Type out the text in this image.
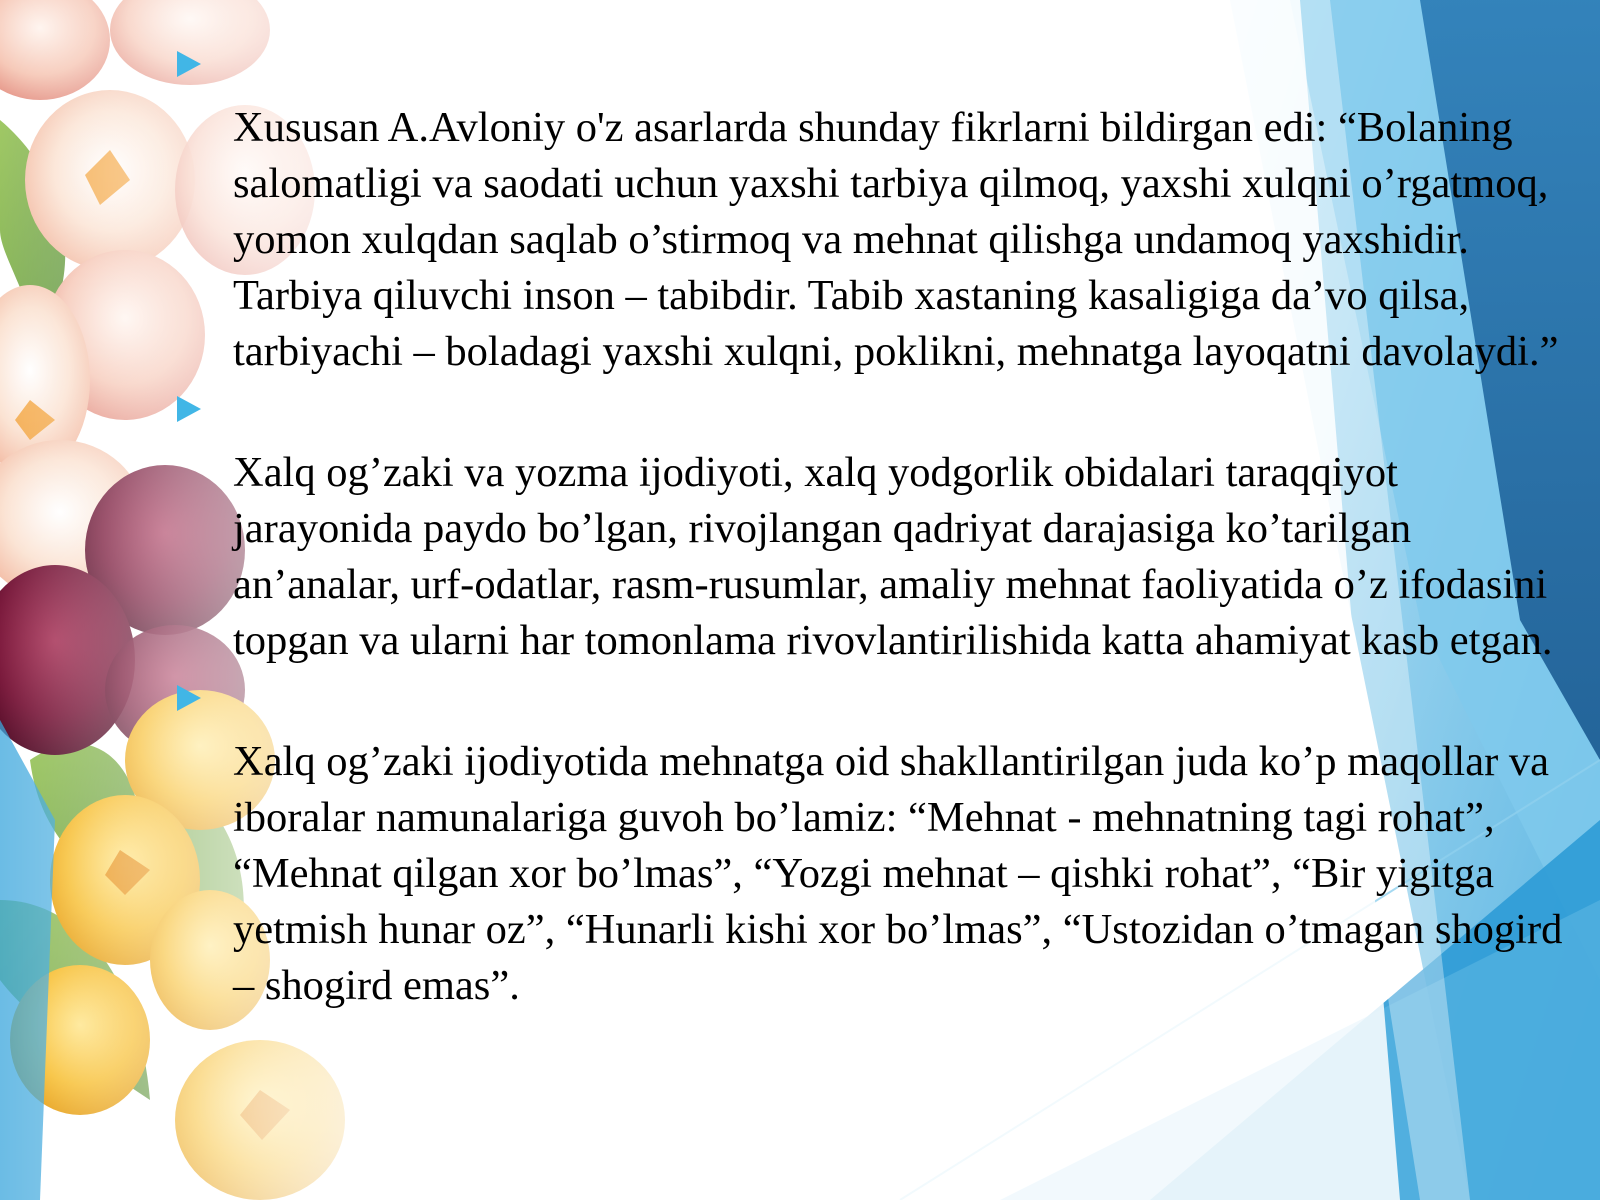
Xususan A.Avloniy o'z asarlarda shunday fikrlarni bildirgan edi: “Bolaning salomatligi va saodati uchun yaxshi tarbiya qilmoq, yaxshi xulqni o’rgatmoq, yomon xulqdan saqlab o’stirmoq va mehnat qilishga undamoq yaxshidir. Tarbiya qiluvchi inson – tabibdir. Tabib xastaning kasaligiga da’vo qilsa, tarbiyachi – boladagi yaxshi xulqni, poklikni, mehnatga layoqatni davolaydi.”

Xalq og’zaki va yozma ijodiyoti, xalq yodgorlik obidalari taraqqiyot jarayonida paydo bo’lgan, rivojlangan qadriyat darajasiga ko’tarilgan an’analar, urf-odatlar, rasm-rusumlar, amaliy mehnat faoliyatida o’z ifodasini topgan va ularni har tomonlama rivovlantirilishida katta ahamiyat kasb etgan.

Xalq og’zaki ijodiyotida mehnatga oid shakllantirilgan juda ko’p maqollar va iboralar namunalariga guvoh bo’lamiz: “Mehnat - mehnatning tagi rohat”, “Mehnat qilgan xor bo’lmas”, “Yozgi mehnat – qishki rohat”, “Bir yigitga yetmish hunar oz”, “Hunarli kishi xor bo’lmas”, “Ustozidan o’tmagan shogird – shogird emas”.
